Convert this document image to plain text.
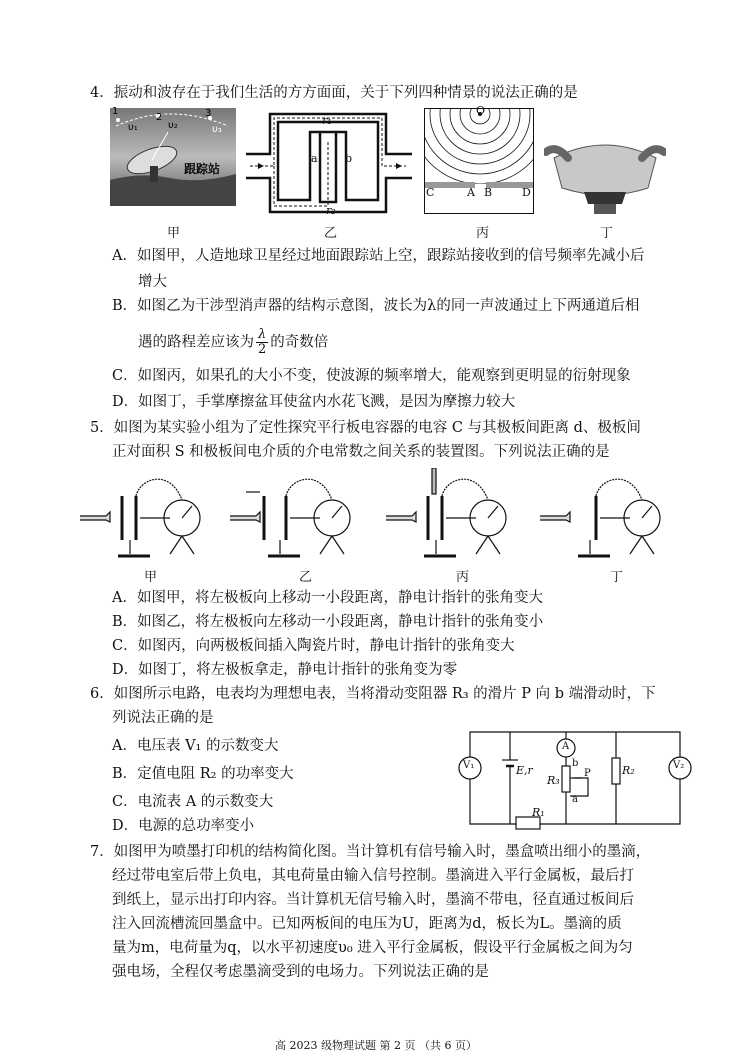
4．振动和波存在于我们生活的方方面面，关于下列四种情景的说法正确的是
1
2	3
υ₁	υ₂	υ₃
跟踪站
r₁
a b
r₂
O
C	A B	D
甲	乙	丙	丁
A．如图甲，人造地球卫星经过地面跟踪站上空，跟踪站接收到的信号频率先减小后
增大
B．如图乙为干涉型消声器的结构示意图，波长为λ的同一声波通过上下两通道后相
遇的路程差应该为 $\frac{\lambda}{2}$ 的奇数倍
C．如图丙，如果孔的大小不变，使波源的频率增大，能观察到更明显的衍射现象
D．如图丁，手掌摩擦盆耳使盆内水花飞溅，是因为摩擦力较大
5．如图为某实验小组为了定性探究平行板电容器的电容 C 与其极板间距离 d、极板间
正对面积 S 和极板间电介质的介电常数之间关系的装置图。下列说法正确的是
甲	乙	丙	丁
A．如图甲，将左极板向上移动一小段距离，静电计指针的张角变大
B．如图乙，将左极板向左移动一小段距离，静电计指针的张角变小
C．如图丙，向两极板间插入陶瓷片时，静电计指针的张角变大
D．如图丁，将左极板拿走，静电计指针的张角变为零
6．如图所示电路，电表均为理想电表，当将滑动变阻器 R₃ 的滑片 P 向 b 端滑动时，下
列说法正确的是
A．电压表 V₁ 的示数变大
B．定值电阻 R₂ 的功率变大
C．电流表 A 的示数变大
D．电源的总功率变小
V₁	E,r
A
b
P
R₃
a
R₂	V₂
R₁
7．如图甲为喷墨打印机的结构简化图。当计算机有信号输入时，墨盒喷出细小的墨滴，
经过带电室后带上负电，其电荷量由输入信号控制。墨滴进入平行金属板，最后打
到纸上，显示出打印内容。当计算机无信号输入时，墨滴不带电，径直通过板间后
注入回流槽流回墨盒中。已知两板间的电压为U，距离为d，板长为L。墨滴的质
量为m，电荷量为q，以水平初速度υ₀ 进入平行金属板，假设平行金属板之间为匀
强电场，全程仅考虑墨滴受到的电场力。下列说法正确的是
高 2023 级物理试题 第 2 页 （共 6 页）
